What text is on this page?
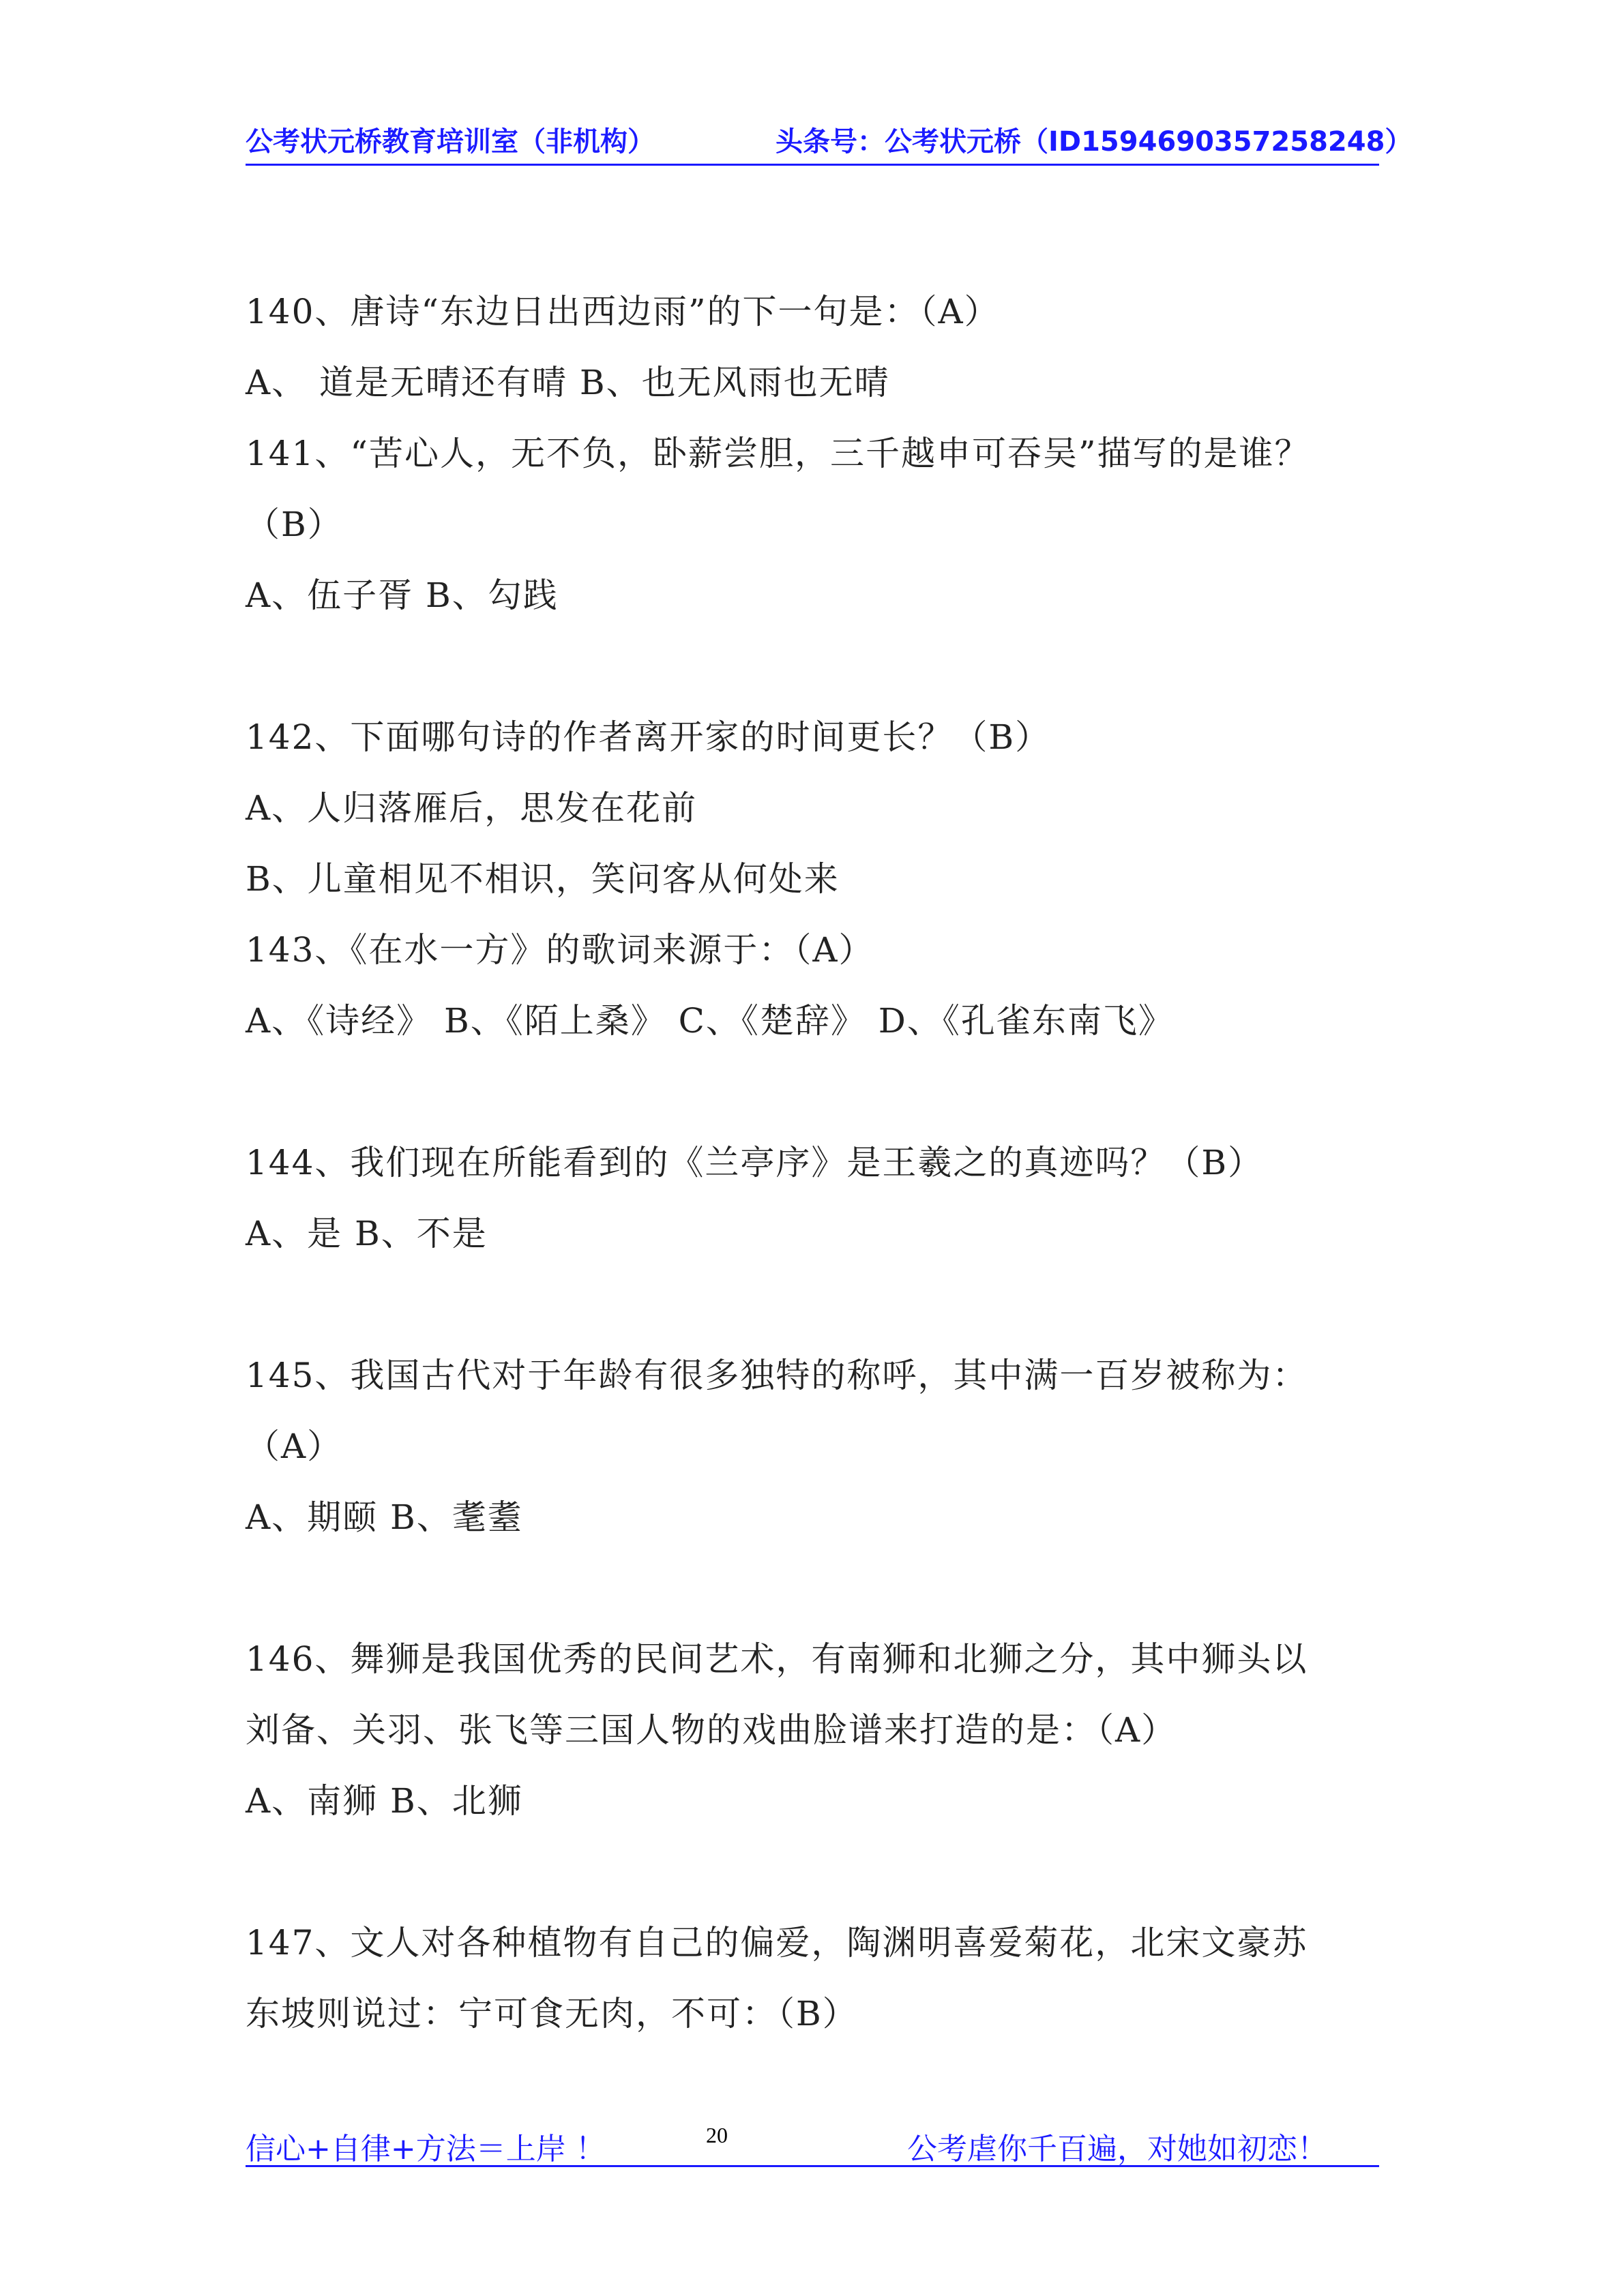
公考状元桥教育培训室（非机构）	头条号：公考状元桥（ID1594690357258248）
140、唐诗“东边日出西边雨”的下一句是：（A）
A、 道是无晴还有晴 B、也无风雨也无晴
141、“苦心人，无不负，卧薪尝胆，三千越申可吞吴”描写的是谁？
（B）
A、伍子胥 B、勾践
142、下面哪句诗的作者离开家的时间更长？（B）
A、人归落雁后，思发在花前
B、儿童相见不相识，笑问客从何处来
143、《在水一方》的歌词来源于：（A）
A、《诗经》 B、《陌上桑》 C、《楚辞》 D、《孔雀东南飞》
144、我们现在所能看到的《兰亭序》是王羲之的真迹吗？（B）
A、是 B、不是
145、我国古代对于年龄有很多独特的称呼，其中满一百岁被称为：
（A）
A、期颐 B、耄耋
146、舞狮是我国优秀的民间艺术，有南狮和北狮之分，其中狮头以
刘备、关羽、张飞等三国人物的戏曲脸谱来打造的是：（A）
A、南狮 B、北狮
147、文人对各种植物有自己的偏爱，陶渊明喜爱菊花，北宋文豪苏
东坡则说过：宁可食无肉，不可：（B）
信心+自律+方法＝上岸 ！	20	公考虐你千百遍，对她如初恋！
